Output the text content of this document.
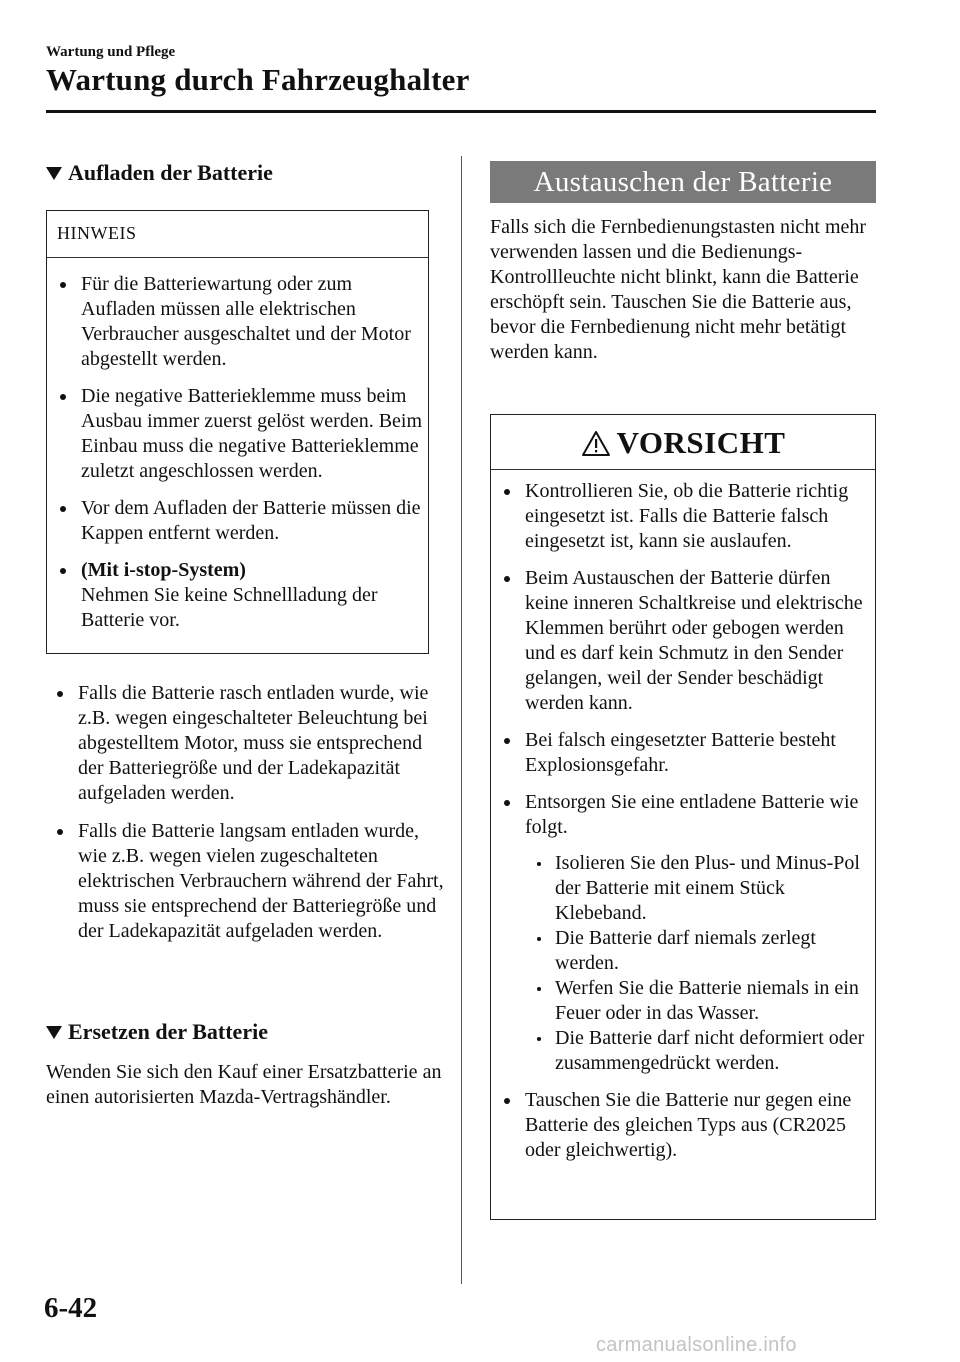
Wartung und Pflege
Wartung durch Fahrzeughalter
Aufladen der Batterie
HINWEIS
Für die Batteriewartung oder zum Aufladen müssen alle elektrischen Verbraucher ausgeschaltet und der Motor abgestellt werden.
Die negative Batterieklemme muss beim Ausbau immer zuerst gelöst werden. Beim Einbau muss die negative Batterieklemme zuletzt angeschlossen werden.
Vor dem Aufladen der Batterie müssen die Kappen entfernt werden.
(Mit i-stop-System)
Nehmen Sie keine Schnellladung der Batterie vor.
Falls die Batterie rasch entladen wurde, wie z.B. wegen eingeschalteter Beleuchtung bei abgestelltem Motor, muss sie entsprechend der Batteriegröße und der Ladekapazität aufgeladen werden.
Falls die Batterie langsam entladen wurde, wie z.B. wegen vielen zugeschalteten elektrischen Verbrauchern während der Fahrt, muss sie entsprechend der Batteriegröße und der Ladekapazität aufgeladen werden.
Ersetzen der Batterie
Wenden Sie sich den Kauf einer Ersatzbatterie an einen autorisierten Mazda-Vertragshändler.
Austauschen der Batterie
Falls sich die Fernbedienungstasten nicht mehr verwenden lassen und die Bedienungs-Kontrollleuchte nicht blinkt, kann die Batterie erschöpft sein. Tauschen Sie die Batterie aus, bevor die Fernbedienung nicht mehr betätigt werden kann.
VORSICHT
Kontrollieren Sie, ob die Batterie richtig eingesetzt ist. Falls die Batterie falsch eingesetzt ist, kann sie auslaufen.
Beim Austauschen der Batterie dürfen keine inneren Schaltkreise und elektrische Klemmen berührt oder gebogen werden und es darf kein Schmutz in den Sender gelangen, weil der Sender beschädigt werden kann.
Bei falsch eingesetzter Batterie besteht Explosionsgefahr.
Entsorgen Sie eine entladene Batterie wie folgt.
Isolieren Sie den Plus- und Minus-Pol der Batterie mit einem Stück Klebeband.
Die Batterie darf niemals zerlegt werden.
Werfen Sie die Batterie niemals in ein Feuer oder in das Wasser.
Die Batterie darf nicht deformiert oder zusammengedrückt werden.
Tauschen Sie die Batterie nur gegen eine Batterie des gleichen Typs aus (CR2025 oder gleichwertig).
6-42
carmanualsonline.info
